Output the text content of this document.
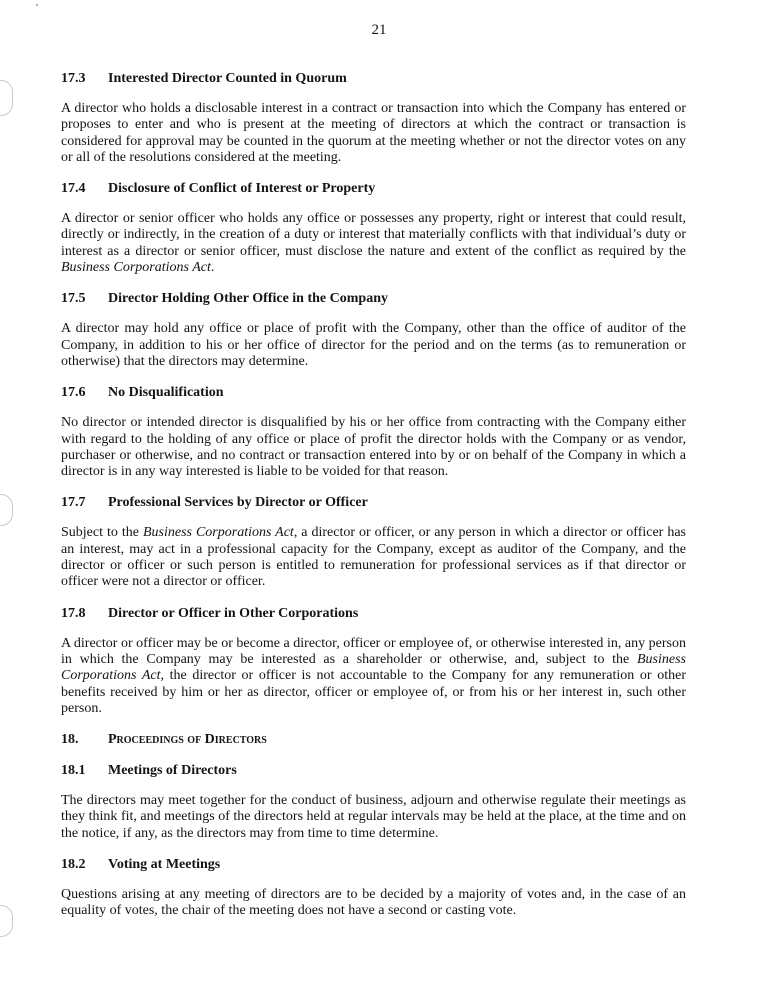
21
17.3	Interested Director Counted in Quorum

A director who holds a disclosable interest in a contract or transaction into which the Company has entered or proposes to enter and who is present at the meeting of directors at which the contract or transaction is considered for approval may be counted in the quorum at the meeting whether or not the director votes on any or all of the resolutions considered at the meeting.

17.4	Disclosure of Conflict of Interest or Property

A director or senior officer who holds any office or possesses any property, right or interest that could result, directly or indirectly, in the creation of a duty or interest that materially conflicts with that individual’s duty or interest as a director or senior officer, must disclose the nature and extent of the conflict as required by the Business Corporations Act.

17.5	Director Holding Other Office in the Company

A director may hold any office or place of profit with the Company, other than the office of auditor of the Company, in addition to his or her office of director for the period and on the terms (as to remuneration or otherwise) that the directors may determine.

17.6	No Disqualification

No director or intended director is disqualified by his or her office from contracting with the Company either with regard to the holding of any office or place of profit the director holds with the Company or as vendor, purchaser or otherwise, and no contract or transaction entered into by or on behalf of the Company in which a director is in any way interested is liable to be voided for that reason.

17.7	Professional Services by Director or Officer

Subject to the Business Corporations Act, a director or officer, or any person in which a director or officer has an interest, may act in a professional capacity for the Company, except as auditor of the Company, and the director or officer or such person is entitled to remuneration for professional services as if that director or officer were not a director or officer.

17.8	Director or Officer in Other Corporations

A director or officer may be or become a director, officer or employee of, or otherwise interested in, any person in which the Company may be interested as a shareholder or otherwise, and, subject to the Business Corporations Act, the director or officer is not accountable to the Company for any remuneration or other benefits received by him or her as director, officer or employee of, or from his or her interest in, such other person.

18.	Proceedings of Directors
18.1	Meetings of Directors

The directors may meet together for the conduct of business, adjourn and otherwise regulate their meetings as they think fit, and meetings of the directors held at regular intervals may be held at the place, at the time and on the notice, if any, as the directors may from time to time determine.

18.2	Voting at Meetings

Questions arising at any meeting of directors are to be decided by a majority of votes and, in the case of an equality of votes, the chair of the meeting does not have a second or casting vote.
